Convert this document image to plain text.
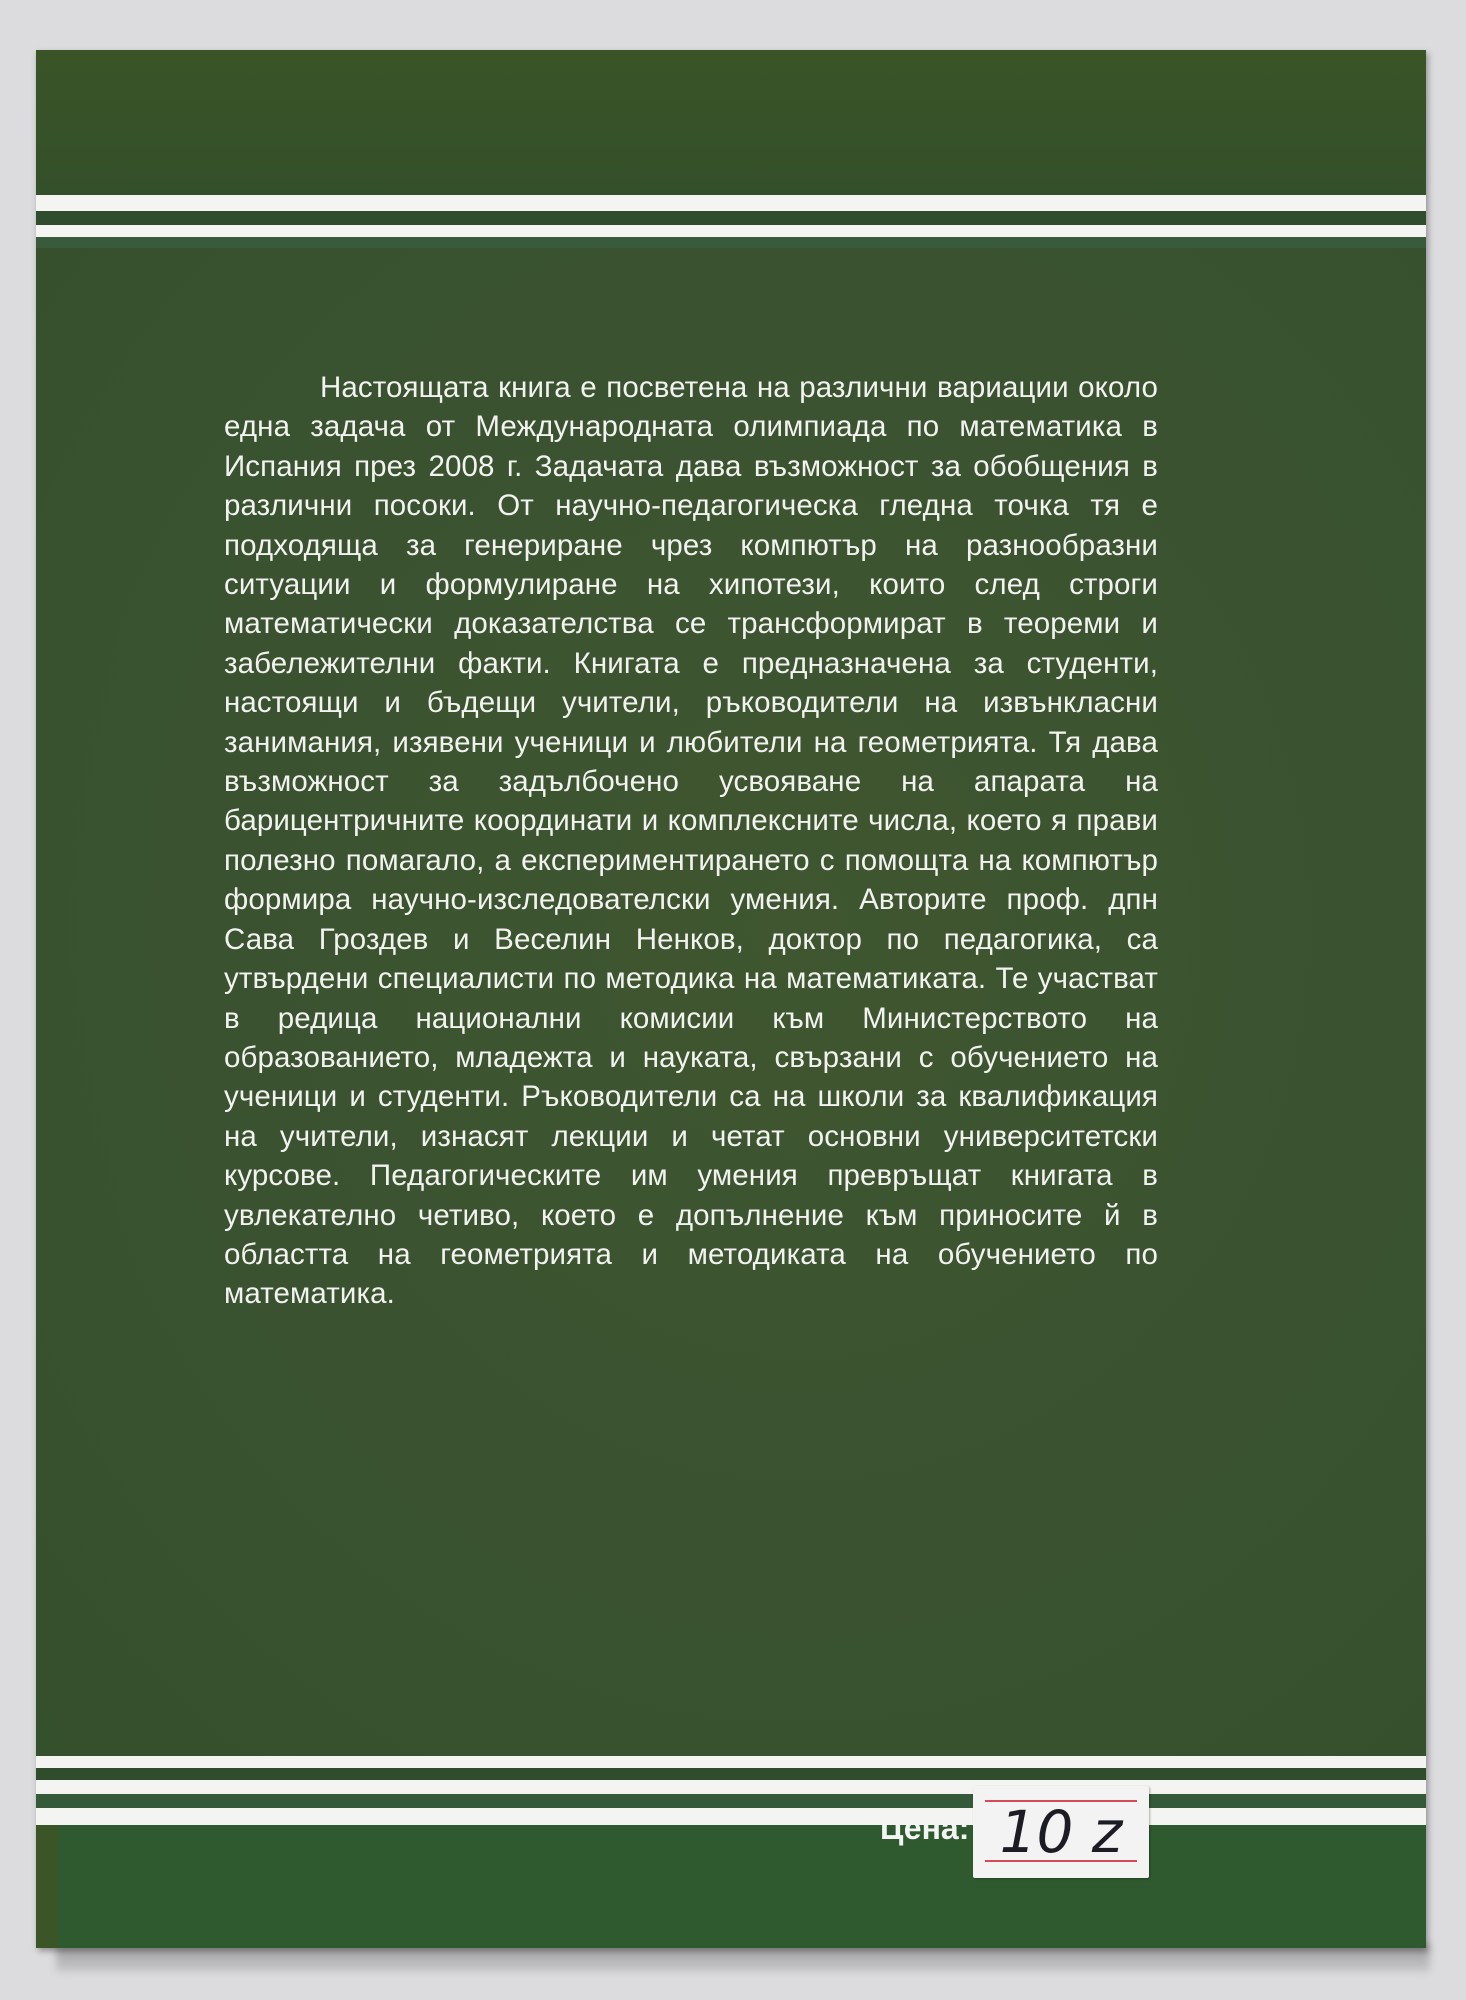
Настоящата книга е посветена на различни вариации около една задача от Международната олимпиада по математика в Испания през 2008 г. Задачата дава възможност за обобщения в различни посоки. От научно-педагогическа гледна точка тя е подходяща за генериране чрез компютър на разнообразни ситуации и формулиране на хипотези, които след строги математически доказателства се трансформират в теореми и забележителни факти. Книгата е предназначена за студенти, настоящи и бъдещи учители, ръководители на извънкласни занимания, изявени ученици и любители на геометрията. Тя дава възможност за задълбочено усвояване на апарата на барицентричните координати и комплексните числа, което я прави полезно помагало, а експериментирането с помощта на компютър формира научно-изследователски умения. Авторите проф. дпн Сава Гроздев и Веселин Ненков, доктор по педагогика, са утвърдени специалисти по методика на математиката. Те участват в редица национални комисии към Министерството на образованието, младежта и науката, свързани с обучението на ученици и студенти. Ръководители са на школи за квалификация на учители, изнасят лекции и четат основни университетски курсове. Педагогическите им умения превръщат книгата в увлекателно четиво, което е допълнение към приносите й в областта на геометрията и методиката на обучението по математика.

Цена: 10 z
